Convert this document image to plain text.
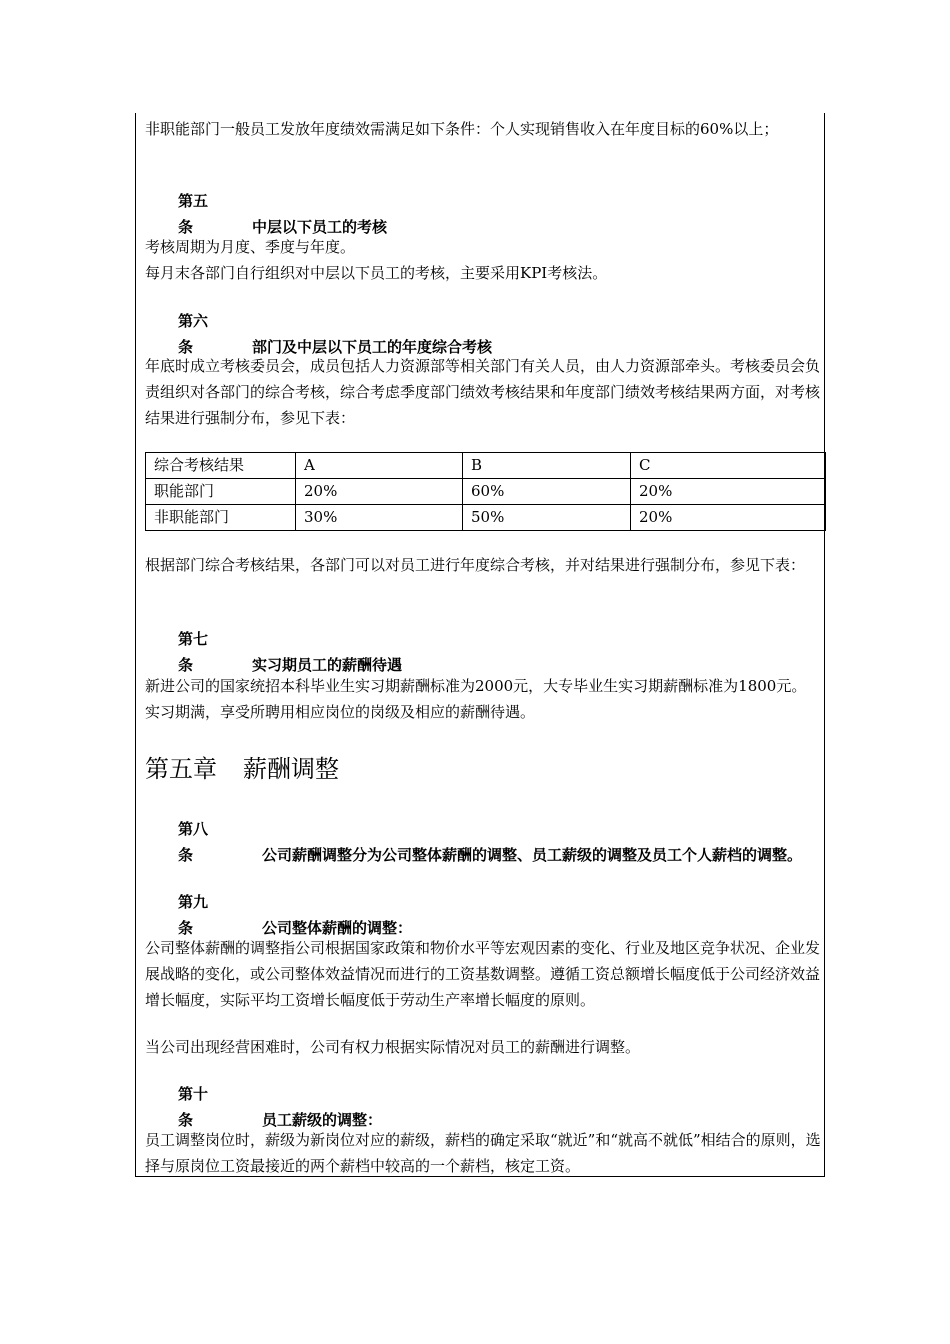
非职能部门一般员工发放年度绩效需满足如下条件：个人实现销售收入在年度目标的60%以上；
第五条	中层以下员工的考核
考核周期为月度、季度与年度。
每月末各部门自行组织对中层以下员工的考核，主要采用KPI考核法。
第六条	部门及中层以下员工的年度综合考核
年底时成立考核委员会，成员包括人力资源部等相关部门有关人员，由人力资源部牵头。考核委员会负责组织对各部门的综合考核，综合考虑季度部门绩效考核结果和年度部门绩效考核结果两方面，对考核结果进行强制分布，参见下表：
综合考核结果	A	B	C
职能部门	20%	60%	20%
非职能部门	30%	50%	20%
根据部门综合考核结果，各部门可以对员工进行年度综合考核，并对结果进行强制分布，参见下表：
第七条	实习期员工的薪酬待遇
新进公司的国家统招本科毕业生实习期薪酬标准为2000元，大专毕业生实习期薪酬标准为1800元。实习期满，享受所聘用相应岗位的岗级及相应的薪酬待遇。
第五章 薪酬调整
第八条	公司薪酬调整分为公司整体薪酬的调整、员工薪级的调整及员工个人薪档的调整。
第九条	公司整体薪酬的调整：
公司整体薪酬的调整指公司根据国家政策和物价水平等宏观因素的变化、行业及地区竞争状况、企业发展战略的变化，或公司整体效益情况而进行的工资基数调整。遵循工资总额增长幅度低于公司经济效益增长幅度，实际平均工资增长幅度低于劳动生产率增长幅度的原则。
当公司出现经营困难时，公司有权力根据实际情况对员工的薪酬进行调整。
第十条	员工薪级的调整：
员工调整岗位时，薪级为新岗位对应的薪级，薪档的确定采取“就近”和“就高不就低”相结合的原则，选择与原岗位工资最接近的两个薪档中较高的一个薪档，核定工资。
